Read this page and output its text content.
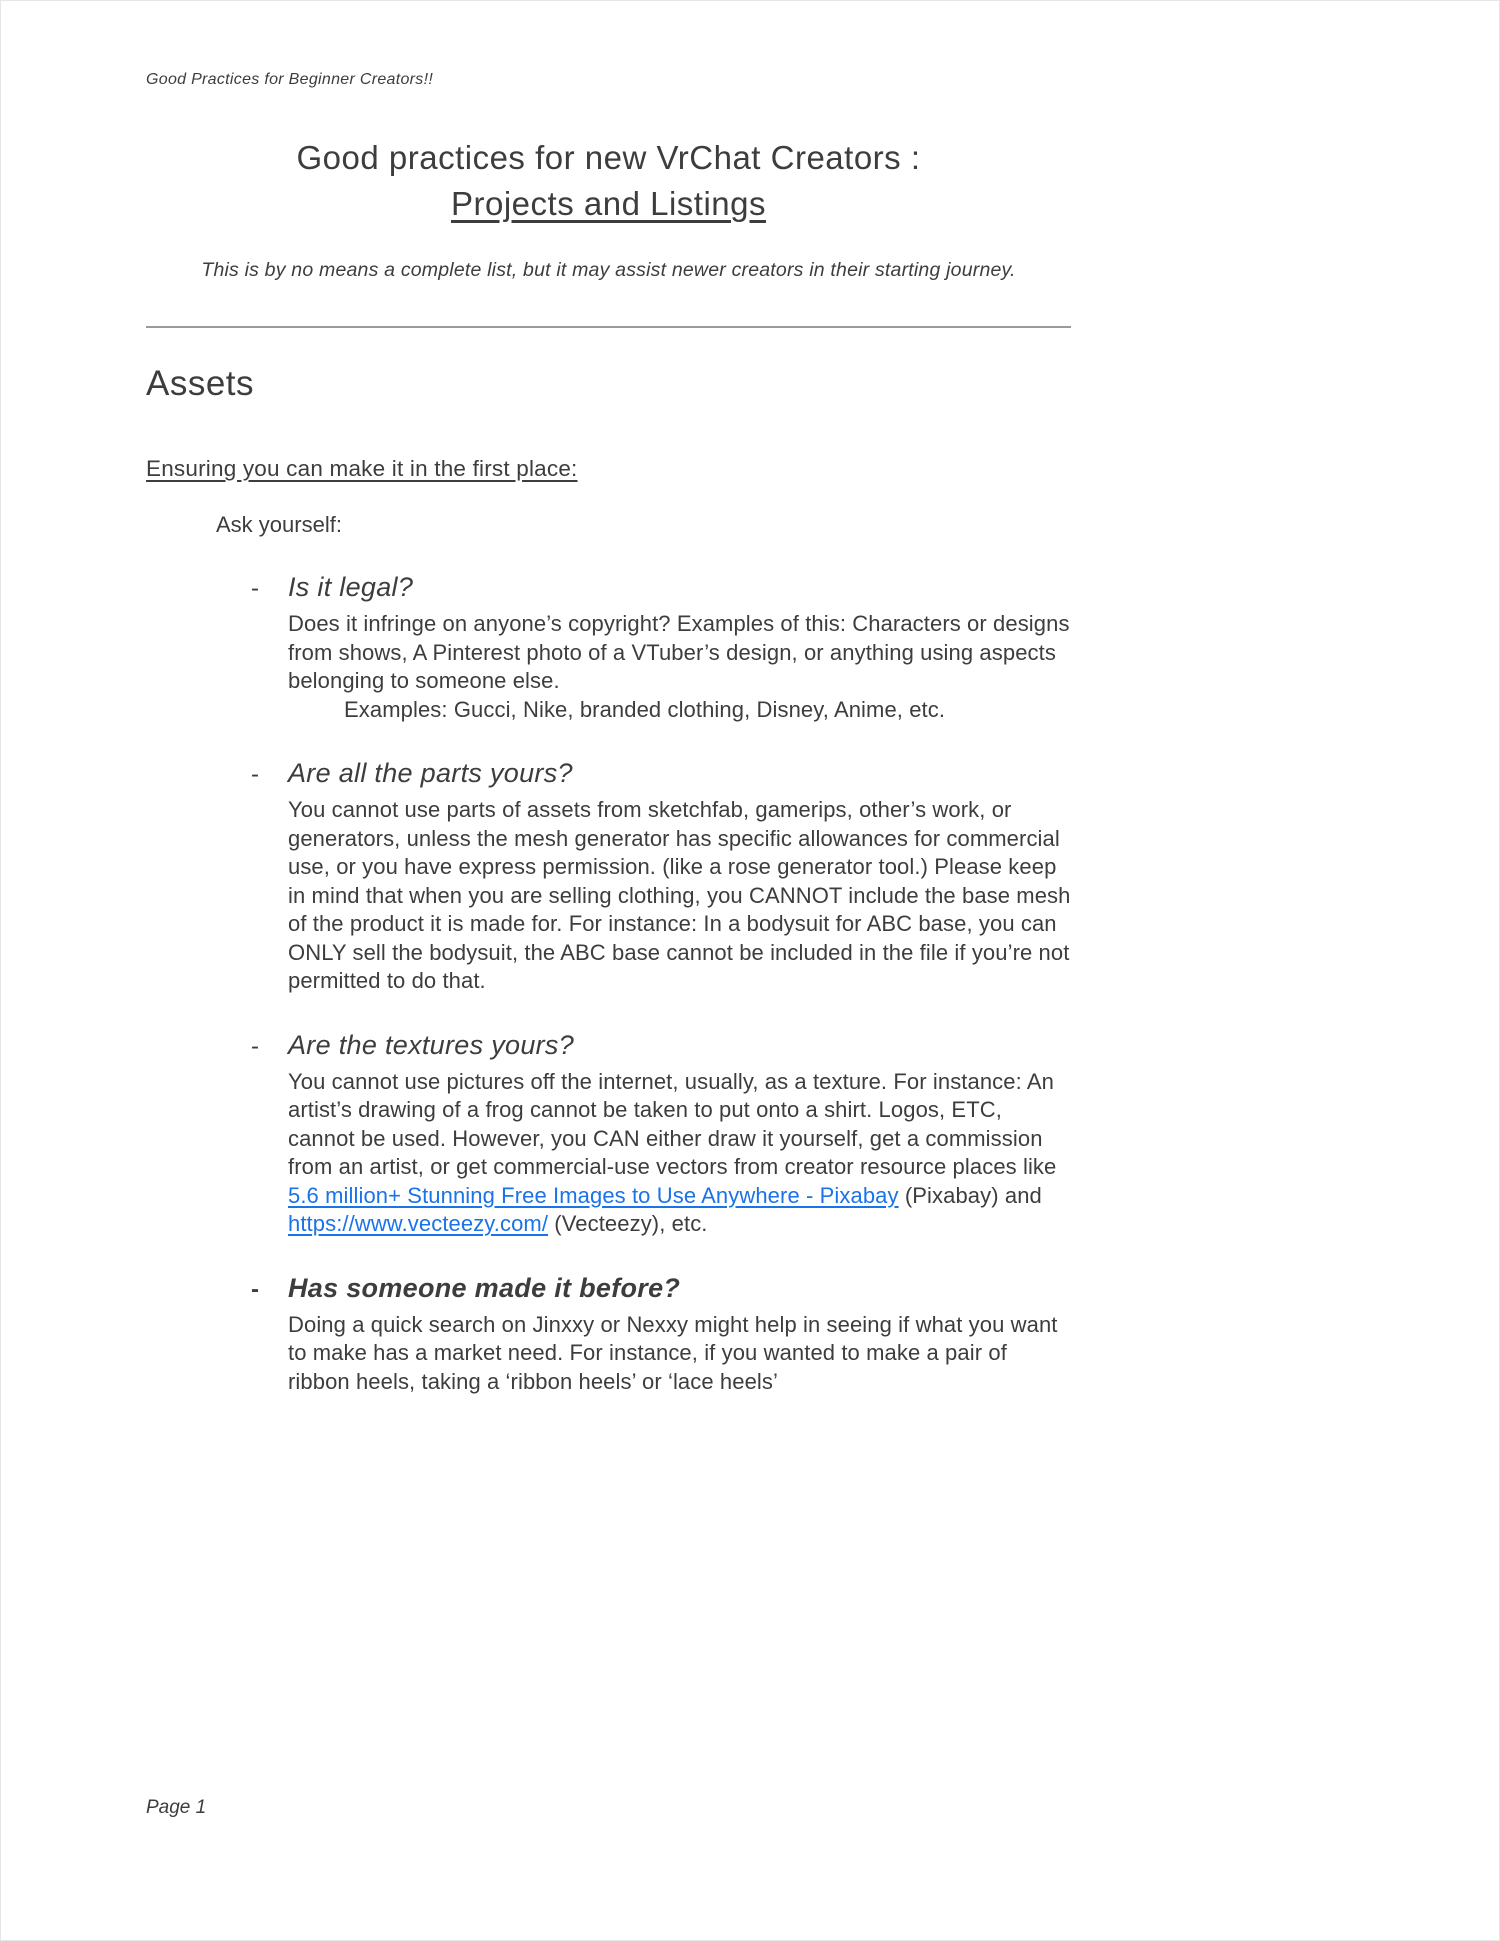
Good Practices for Beginner Creators!!
Good practices for new VrChat Creators :
Projects and Listings
This is by no means a complete list, but it may assist newer creators in their starting journey.
Assets
Ensuring you can make it in the first place:
Ask yourself:
-	Is it legal?
Does it infringe on anyone’s copyright? Examples of this: Characters or designs from shows, A Pinterest photo of a VTuber’s design, or anything using aspects belonging to someone else.
Examples: Gucci, Nike, branded clothing, Disney, Anime, etc.
-	Are all the parts yours?
You cannot use parts of assets from sketchfab, gamerips, other’s work, or generators, unless the mesh generator has specific allowances for commercial use, or you have express permission. (like a rose generator tool.) Please keep in mind that when you are selling clothing, you CANNOT include the base mesh of the product it is made for. For instance: In a bodysuit for ABC base, you can ONLY sell the bodysuit, the ABC base cannot be included in the file if you’re not permitted to do that.
-	Are the textures yours?
You cannot use pictures off the internet, usually, as a texture. For instance: An artist’s drawing of a frog cannot be taken to put onto a shirt. Logos, ETC, cannot be used. However, you CAN either draw it yourself, get a commission from an artist, or get commercial-use vectors from creator resource places like 5.6 million+ Stunning Free Images to Use Anywhere - Pixabay (Pixabay) and https://www.vecteezy.com/ (Vecteezy), etc.
-	Has someone made it before?
Doing a quick search on Jinxxy or Nexxy might help in seeing if what you want to make has a market need. For instance, if you wanted to make a pair of ribbon heels, taking a ‘ribbon heels’ or ‘lace heels’
Page 1
